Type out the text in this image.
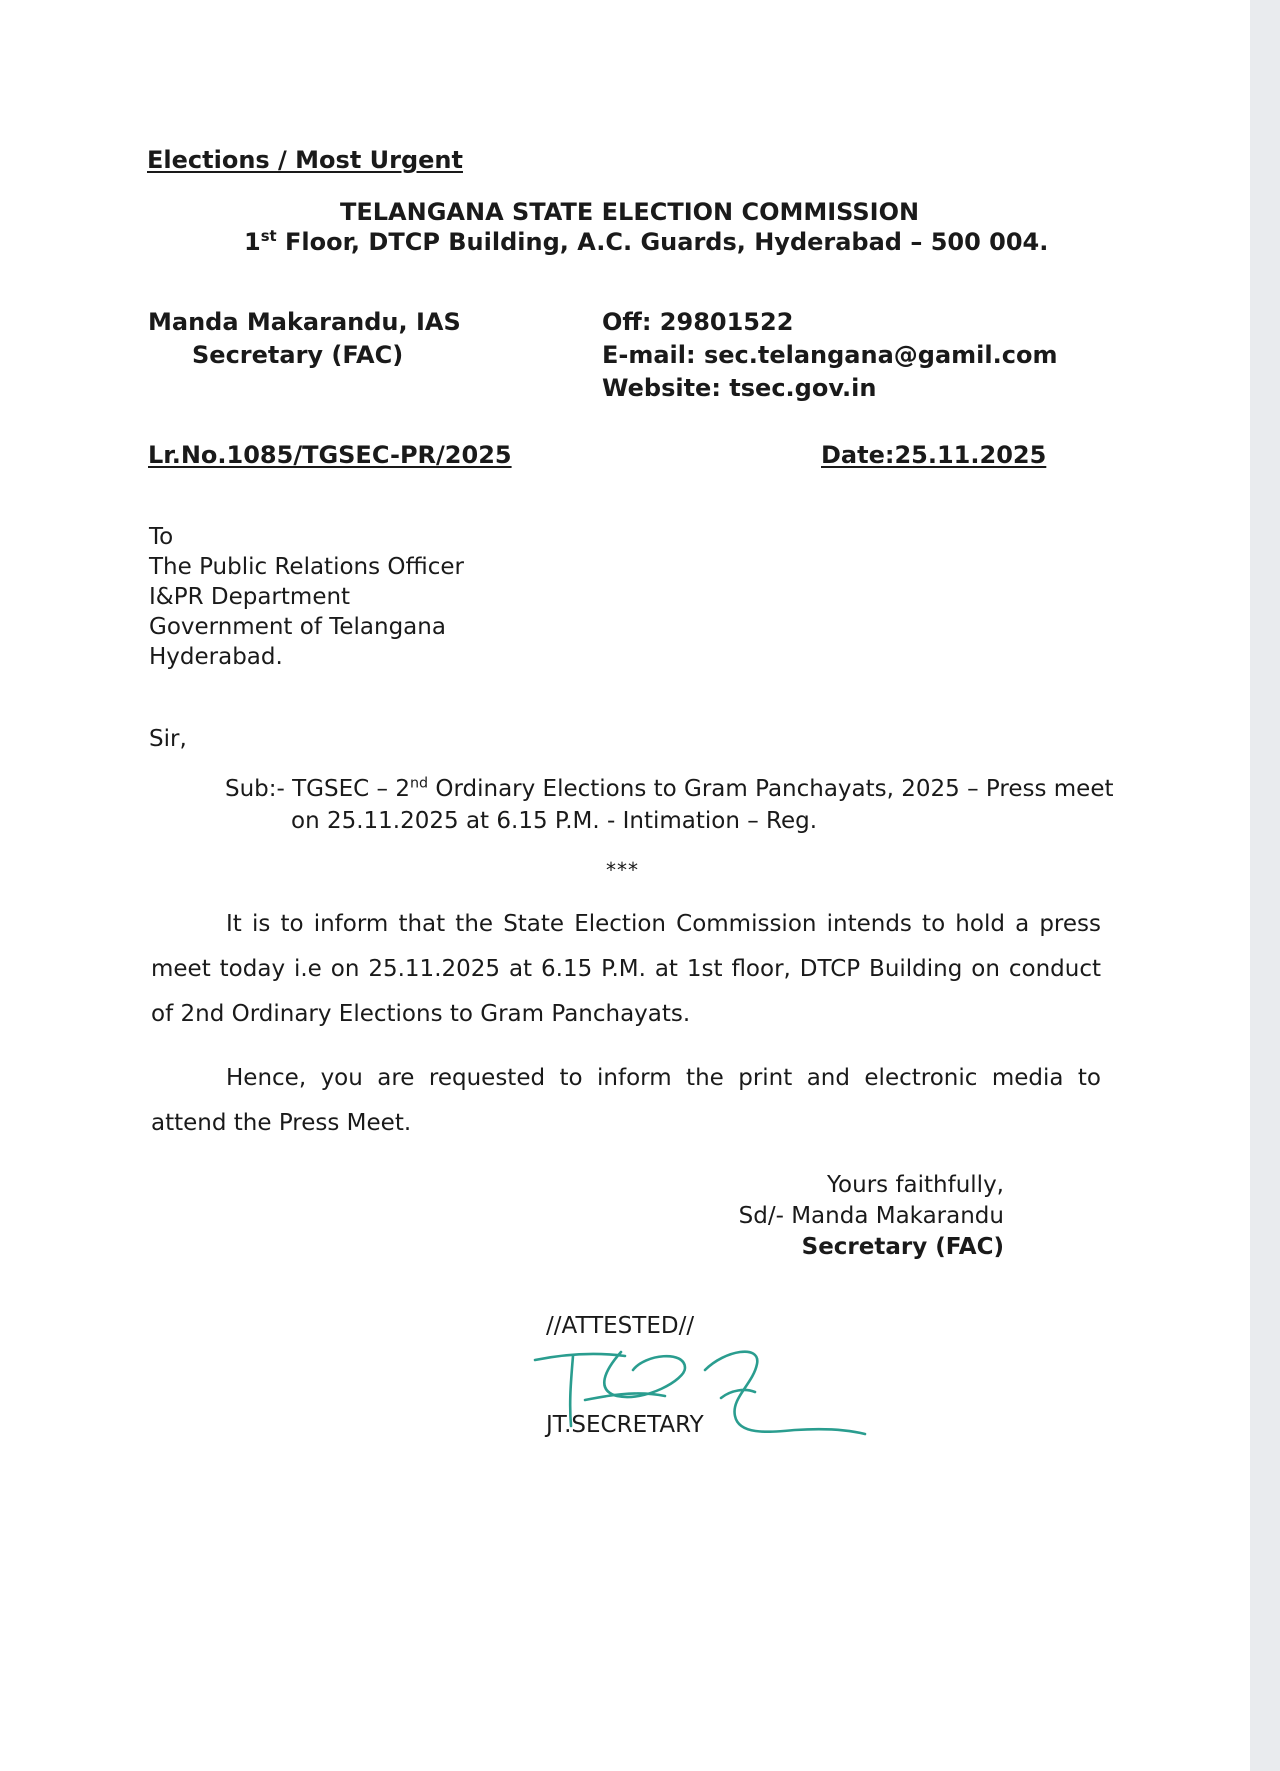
Elections / Most Urgent
TELANGANA STATE ELECTION COMMISSION
1st Floor, DTCP Building, A.C. Guards, Hyderabad – 500 004.
Manda Makarandu, IAS
Secretary (FAC)
Off: 29801522
E-mail: sec.telangana@gamil.com
Website: tsec.gov.in
Lr.No.1085/TGSEC-PR/2025	Date:25.11.2025
To
The Public Relations Officer
I&PR Department
Government of Telangana
Hyderabad.
Sir,
Sub:- TGSEC – 2nd Ordinary Elections to Gram Panchayats, 2025 – Press meet
on 25.11.2025 at 6.15 P.M. - Intimation – Reg.
***

It is to inform that the State Election Commission intends to hold a press meet today i.e on 25.11.2025 at 6.15 P.M. at 1st floor, DTCP Building on conduct of 2nd Ordinary Elections to Gram Panchayats.

Hence, you are requested to inform the print and electronic media to attend the Press Meet.

Yours faithfully,
Sd/- Manda Makarandu
Secretary (FAC)
//ATTESTED//
JT.SECRETARY
